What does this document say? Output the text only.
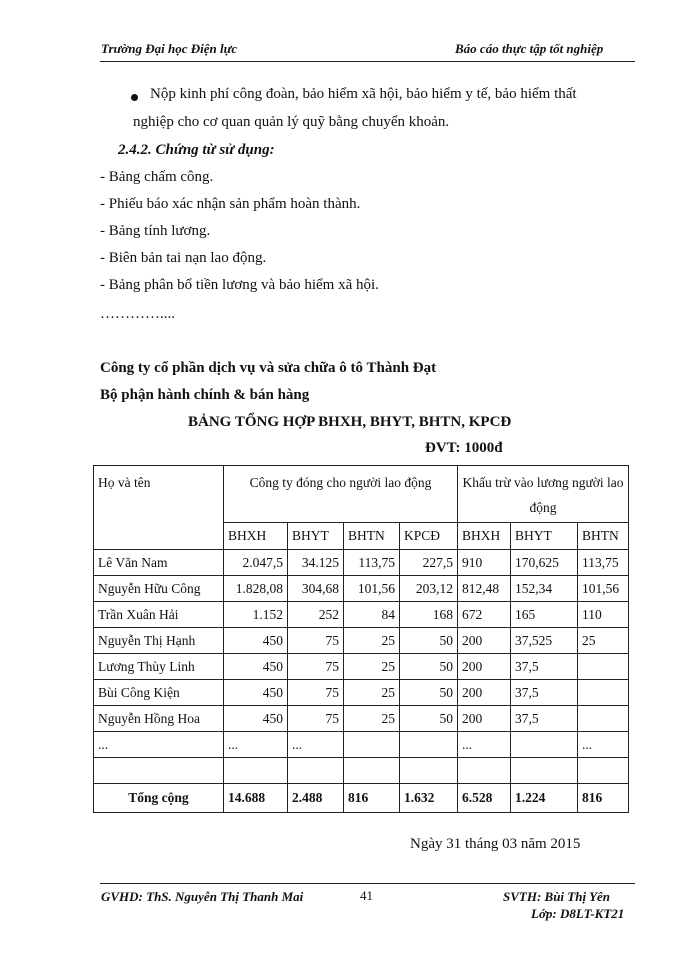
Trường Đại học Điện lực	Báo cáo thực tập tốt nghiệp
Nộp kinh phí công đoàn, bảo hiểm xã hội, bảo hiểm y tế, bảo hiểm thất
nghiệp cho cơ quan quản lý quỹ bằng chuyển khoản.
2.4.2. Chứng từ sử dụng:
- Bảng chấm công.
- Phiếu báo xác nhận sản phẩm hoàn thành.
- Bảng tính lương.
- Biên bản tai nạn lao động.
- Bảng phân bổ tiền lương và bảo hiểm xã hội.
…………....
Công ty cổ phần dịch vụ và sửa chữa ô tô Thành Đạt
Bộ phận hành chính & bán hàng
BẢNG TỔNG HỢP BHXH, BHYT, BHTN, KPCĐ
ĐVT: 1000đ
Họ và tên	Công ty đóng cho người lao động				Khấu trừ vào lương người lao động		
	BHXH	BHYT	BHTN	KPCĐ	BHXH	BHYT	BHTN
Lê Văn Nam	2.047,5	34.125	113,75	227,5	910	170,625	113,75
Nguyễn Hữu Công	1.828,08	304,68	101,56	203,12	812,48	152,34	101,56
Trần Xuân Hải	1.152	252	84	168	672	165	110
Nguyễn Thị Hạnh	450	75	25	50	200	37,525	25
Lương Thùy Linh	450	75	25	50	200	37,5	
Bùi Công Kiện	450	75	25	50	200	37,5	
Nguyễn Hồng Hoa	450	75	25	50	200	37,5	
...	...	...			...		...

Tổng cộng	14.688	2.488	816	1.632	6.528	1.224	816
Ngày 31 tháng 03 năm 2015
GVHD: ThS. Nguyễn Thị Thanh Mai	41	SVTH: Bùi Thị Yên
Lớp: D8LT-KT21
